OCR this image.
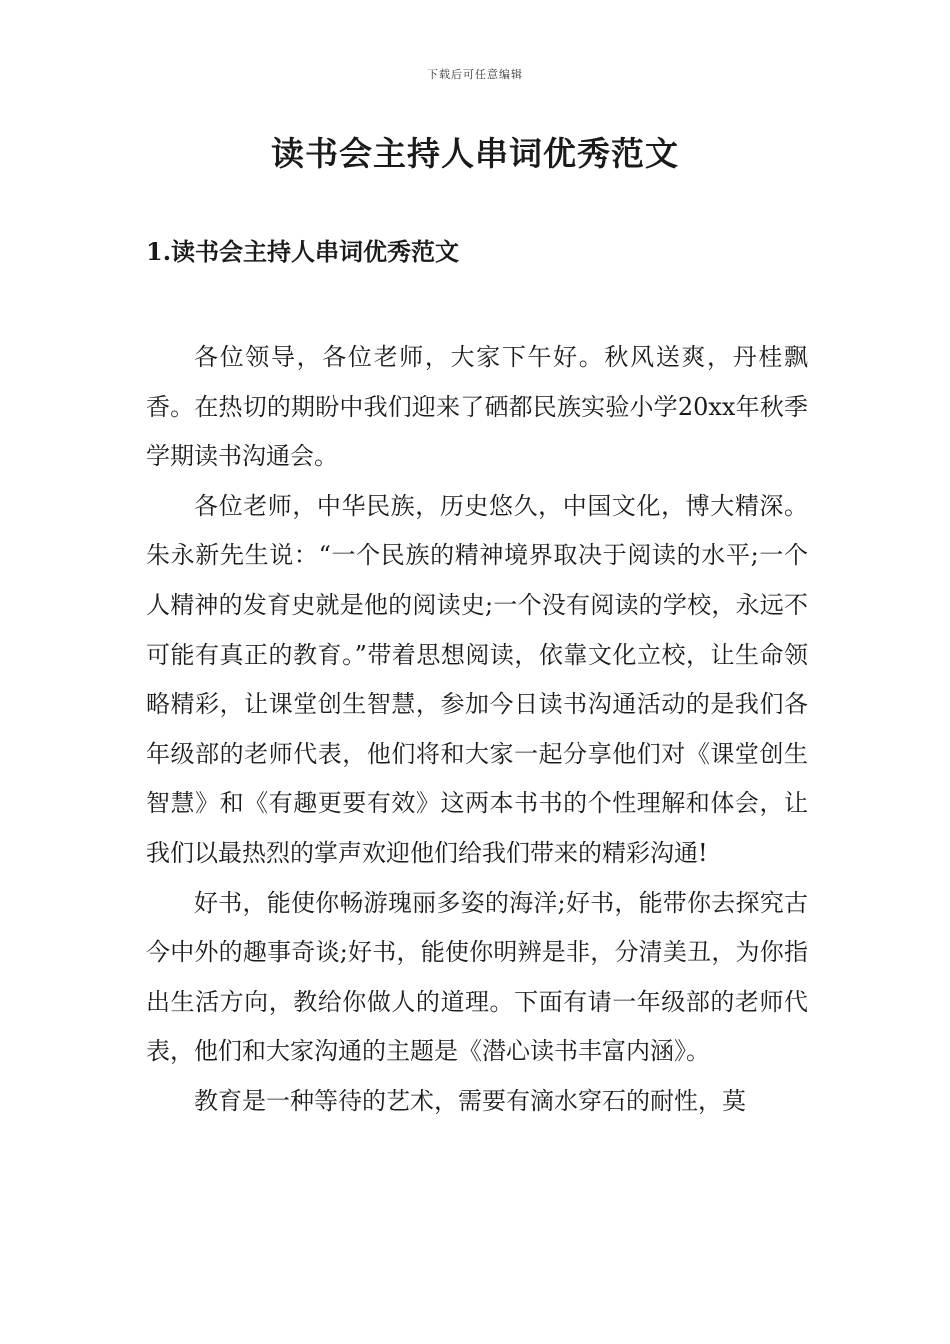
下载后可任意编辑
读书会主持人串词优秀范文
1.读书会主持人串词优秀范文

各位领导，各位老师，大家下午好。秋风送爽，丹桂飘香。在热切的期盼中我们迎来了硒都民族实验小学20xx年秋季学期读书沟通会。

各位老师，中华民族，历史悠久，中国文化，博大精深。朱永新先生说：“一个民族的精神境界取决于阅读的水平;一个人精神的发育史就是他的阅读史;一个没有阅读的学校，永远不可能有真正的教育。”带着思想阅读，依靠文化立校，让生命领略精彩，让课堂创生智慧，参加今日读书沟通活动的是我们各年级部的老师代表，他们将和大家一起分享他们对《课堂创生智慧》和《有趣更要有效》这两本书书的个性理解和体会，让我们以最热烈的掌声欢迎他们给我们带来的精彩沟通!

好书，能使你畅游瑰丽多姿的海洋;好书，能带你去探究古今中外的趣事奇谈;好书，能使你明辨是非，分清美丑，为你指出生活方向，教给你做人的道理。下面有请一年级部的老师代表，他们和大家沟通的主题是《潜心读书丰富内涵》。

教育是一种等待的艺术，需要有滴水穿石的耐性，莫
